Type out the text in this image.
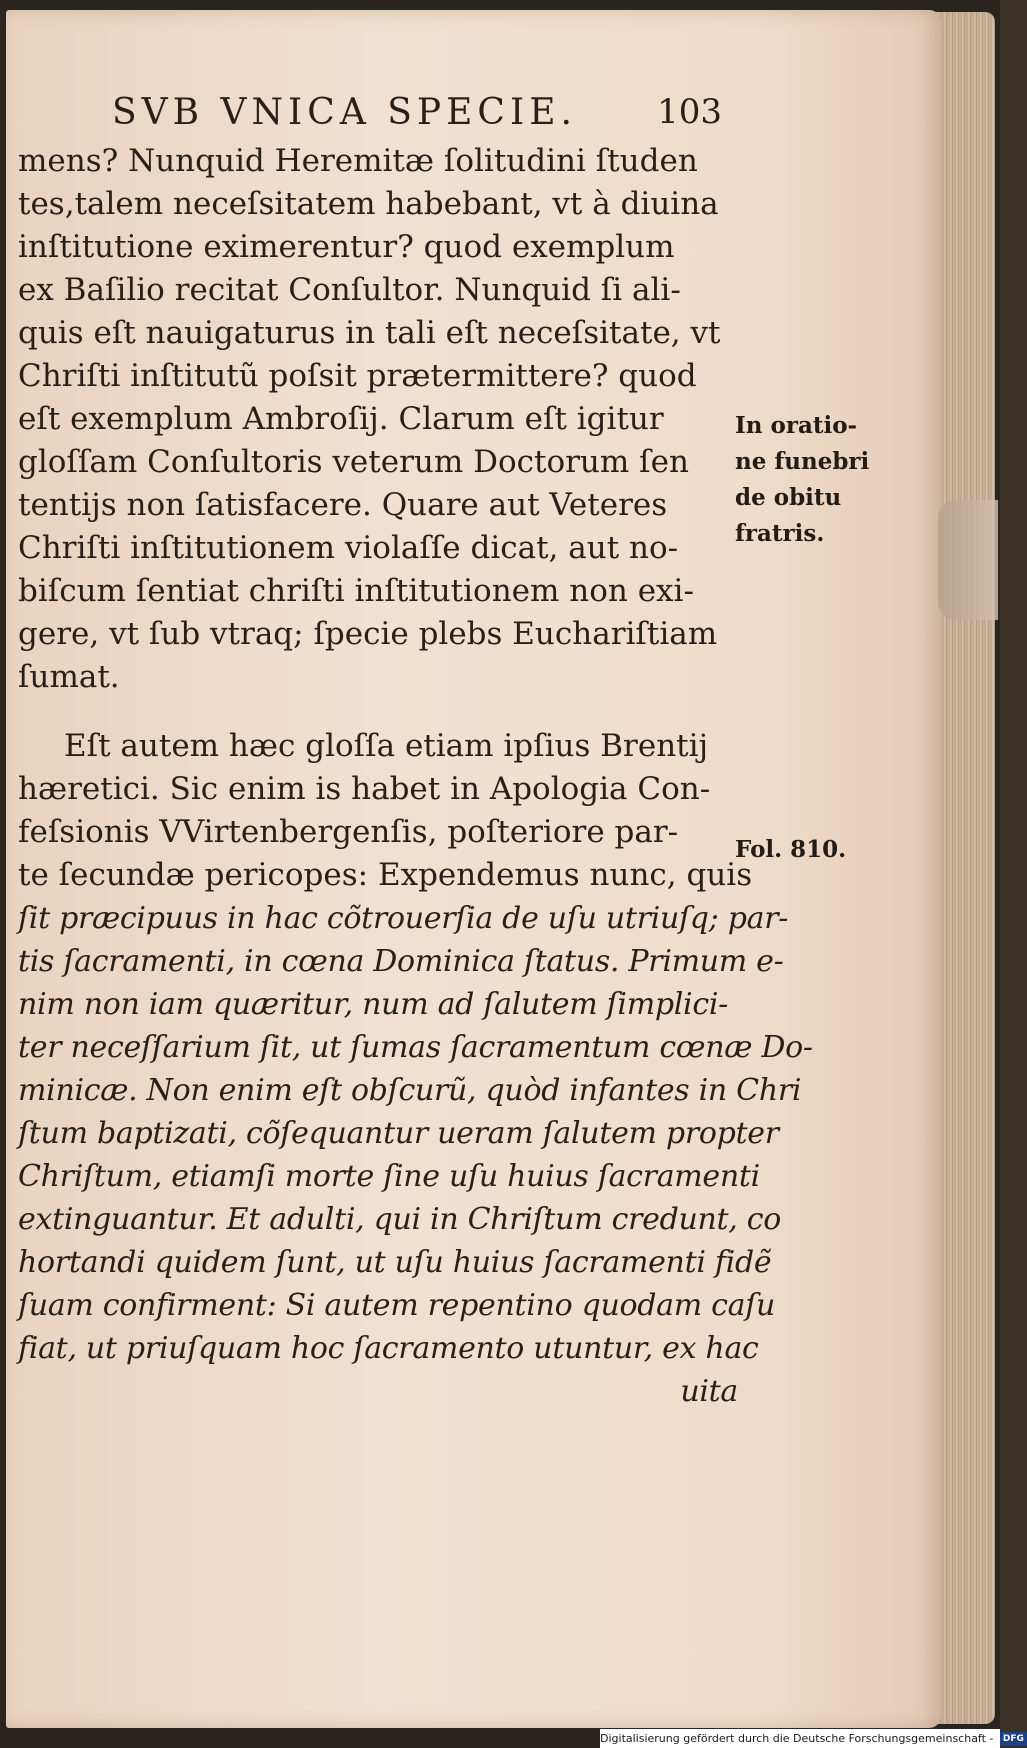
SVB VNICA SPECIE. 103
mens? Nunquid Heremitæ ſolitudini ſtuden
tes,talem neceſsitatem habebant, vt à diuina
inſtitutione eximerentur? quod exemplum
ex Baſilio recitat Conſultor. Nunquid ſi ali-
quis eſt nauigaturus in tali eſt neceſsitate, vt
Chriſti inſtitutũ poſsit prætermittere? quod
eſt exemplum Ambroſij. Clarum eſt igitur
gloſſam Conſultoris veterum Doctorum ſen
tentijs non ſatisfacere. Quare aut Veteres
Chriſti inſtitutionem violaſſe dicat, aut no-
biſcum ſentiat chriſti inſtitutionem non exi-
gere, vt ſub vtraq; ſpecie plebs Euchariſtiam
ſumat.
Eſt autem hæc gloſſa etiam ipſius Brentij
hæretici. Sic enim is habet in Apologia Con-
feſsionis VVirtenbergenſis, poſteriore par-
te ſecundæ pericopes: Expendemus nunc, quis
ſit præcipuus in hac cõtrouerſia de uſu utriuſq; par-
tis ſacramenti, in cœna Dominica ſtatus. Primum e-
nim non iam quæritur, num ad ſalutem ſimplici-
ter neceſſarium ſit, ut ſumas ſacramentum cœnæ Do-
minicæ. Non enim eſt obſcurũ, quòd infantes in Chri
ſtum baptizati, cõſequantur ueram ſalutem propter
Chriſtum, etiamſi morte ſine uſu huius ſacramenti
extinguantur. Et adulti, qui in Chriſtum credunt, co
hortandi quidem ſunt, ut uſu huius ſacramenti fidẽ
ſuam confirment: Si autem repentino quodam caſu
fiat, ut priuſquam hoc ſacramento utuntur, ex hac
uita
In oratio-
ne funebri
de obitu
fratris.
Fol. 810.
Digitalisierung gefördert durch die Deutsche Forschungsgemeinschaft - DFG
